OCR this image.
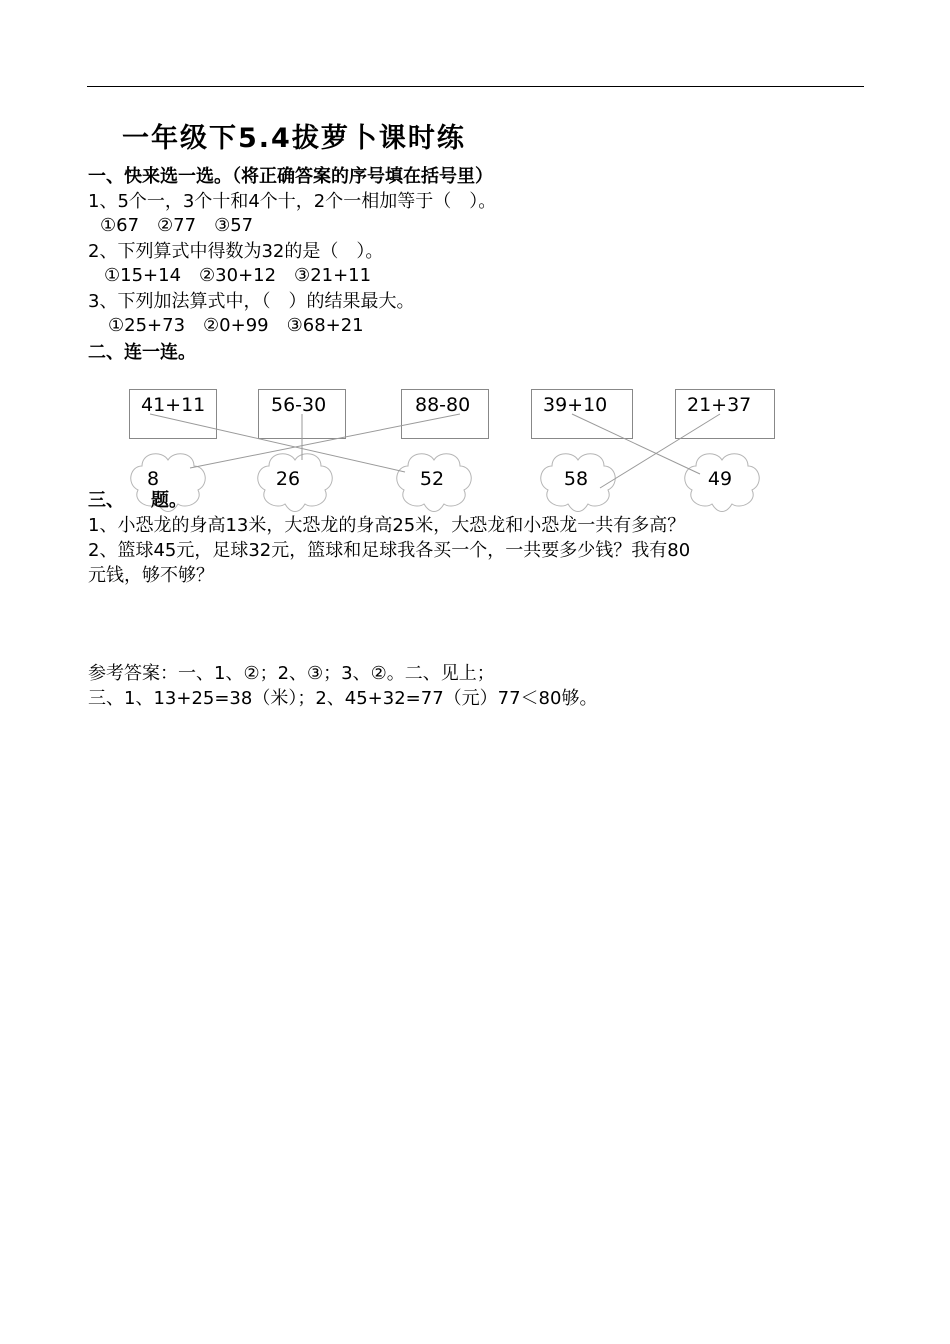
一年级下5.4拔萝卜课时练
一、快来选一选。（将正确答案的序号填在括号里）
1、5个一，3个十和4个十，2个一相加等于（　）。
①67　②77　③57
2、下列算式中得数为32的是（　）。
①15+14　②30+12　③21+11
3、下列加法算式中，（　）的结果最大。
①25+73　②0+99　③68+21
二、连一连。
41+11	56-30	88-80	39+10	21+37
8	26	52	58	49
三、　　题。
1、小恐龙的身高13米，大恐龙的身高25米，大恐龙和小恐龙一共有多高？
2、篮球45元，足球32元，篮球和足球我各买一个，一共要多少钱？我有80
元钱，够不够？
参考答案：一、1、②；2、③；3、②。二、见上；
三、1、13+25=38（米）；2、45+32=77（元）77＜80够。
